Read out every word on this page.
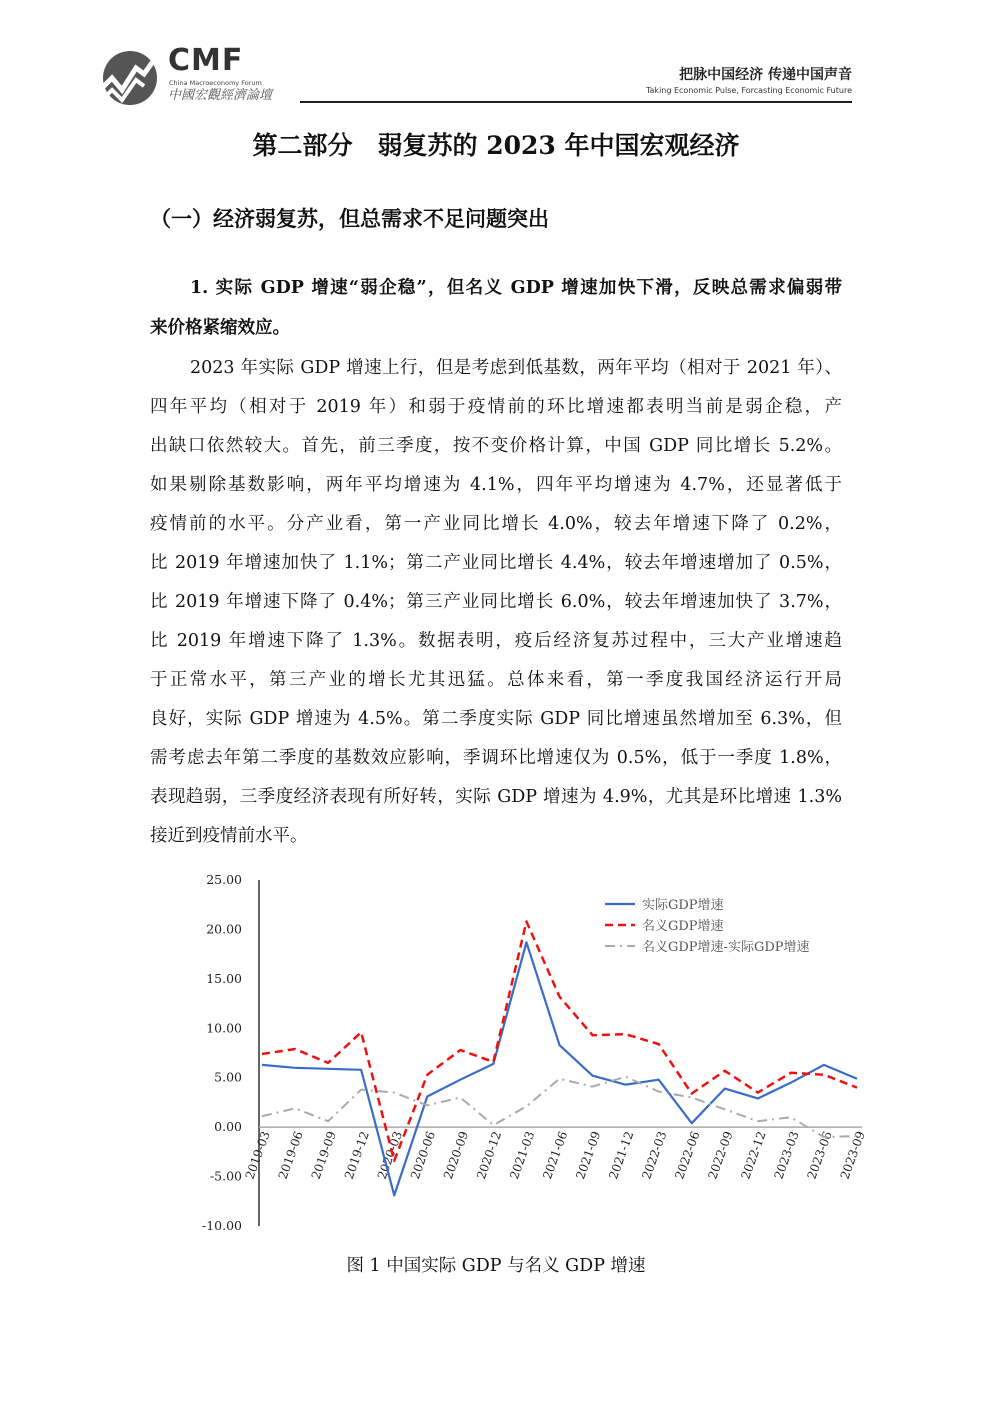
CMF
China Macroeconomy Forum
中國宏觀經濟論壇
把脉中国经济 传递中国声音
Taking Economic Pulse, Forcasting Economic Future
第二部分　弱复苏的 2023 年中国宏观经济
（一）经济弱复苏，但总需求不足问题突出
1. 实际 GDP 增速“弱企稳”，但名义 GDP 增速加快下滑，反映总需求偏弱带
来价格紧缩效应。
2023 年实际 GDP 增速上行，但是考虑到低基数，两年平均（相对于 2021 年）、
四年平均（相对于 2019 年）和弱于疫情前的环比增速都表明当前是弱企稳，产
出缺口依然较大。首先，前三季度，按不变价格计算，中国 GDP 同比增长 5.2%。
如果剔除基数影响，两年平均增速为 4.1%，四年平均增速为 4.7%，还显著低于
疫情前的水平。分产业看，第一产业同比增长 4.0%，较去年增速下降了 0.2%，
比 2019 年增速加快了 1.1%；第二产业同比增长 4.4%，较去年增速增加了 0.5%，
比 2019 年增速下降了 0.4%；第三产业同比增长 6.0%，较去年增速加快了 3.7%，
比 2019 年增速下降了 1.3%。数据表明，疫后经济复苏过程中，三大产业增速趋
于正常水平，第三产业的增长尤其迅猛。总体来看，第一季度我国经济运行开局
良好，实际 GDP 增速为 4.5%。第二季度实际 GDP 同比增速虽然增加至 6.3%，但
需考虑去年第二季度的基数效应影响，季调环比增速仅为 0.5%，低于一季度 1.8%，
表现趋弱，三季度经济表现有所好转，实际 GDP 增速为 4.9%，尤其是环比增速 1.3%
接近到疫情前水平。
25.00
20.00
15.00
10.00
5.00
0.00
-5.00
-10.00
2019-03 2019-06 2019-09 2019-12 2020-03 2020-06 2020-09 2020-12 2021-03 2021-06 2021-09 2021-12 2022-03 2022-06 2022-09 2022-12 2023-03 2023-06 2023-09
实际GDP增速
名义GDP增速
名义GDP增速-实际GDP增速
图 1 中国实际 GDP 与名义 GDP 增速
